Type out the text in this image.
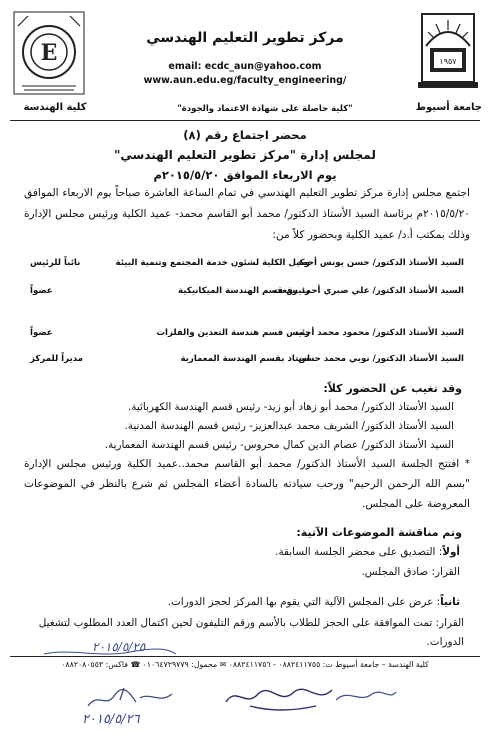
١٩٥٧
E
مركز تطوير التعليم الهندسي
email: ecdc_aun@yahoo.com
www.aun.edu.eg/faculty_engineering/
جامعة أسيوط
كلية الهندسة	"كلية حاصلة على شهادة الاعتماد والجودة"
محضر اجتماع رقم (٨)
لمجلس إدارة "مركز تطوير التعليم الهندسي"
يوم الاربعاء الموافق ٢٠١٥/٥/٢٠م
اجتمع مجلس إدارة مركز تطوير التعليم الهندسي في تمام الساعة العاشرة صباحاً يوم الاربعاء الموافق ٢٠١٥/٥/٢٠م برئاسة السيد الأستاذ الدكتور/ محمد أبو القاسم محمد- عميد الكلية ورئيس مجلس الإدارة وذلك بمكتب أ.د/ عميد الكلية وبحضور كلاً من:
السيد الأستاذ الدكتور/ حسن يونس أحمد
وكيل الكلية لشئون خدمة المجتمع وتنمية البيئة
نائباً للرئيس
السيد الأستاذ الدكتور/ علي صبري أحمد رفعت
رئيس قسم الهندسة الميكانيكية
عضواً
السيد الأستاذ الدكتور/ محمود محمد أحمد
رئيس قسم هندسة التعدين والفلزات
عضواً
السيد الأستاذ الدكتور/ نوبي محمد حسن
استاذ بقسم الهندسة المعمارية
مديراً للمركز
وقد تغيب عن الحضور كلاً:
السيد الأستاذ الدكتور/ محمد أبو زهاد أبو زيد- رئيس قسم الهندسة الكهربائية.
السيد الأستاذ الدكتور/ الشريف محمد عبدالعزيز- رئيس قسم الهندسة المدنية.
السيد الأستاذ الدكتور/ عصام الدين كمال محروس- رئيس قسم الهندسة المعمارية.
* افتتح الجلسة السيد الأستاذ الدكتور/ محمد أبو القاسم محمد..عميد الكلية ورئيس مجلس الإدارة "بسم الله الرحمن الرحيم" ورحب سيادته بالسادة أعضاء المجلس ثم شرع بالنظر في الموضوعات المعروضة على المجلس.
وتم مناقشة الموضوعات الآتية:
أولاً: التصديق على محضر الجلسة السابقة.
القرار: صادق المجلس.
ثانياً: عرض على المجلس الآلية التي يقوم بها المركز لحجز الدورات.
القرار: تمت الموافقة على الحجز للطلاب بالأسم ورقم التليفون لحين اكتمال العدد المطلوب لتشغيل الدورات.
٢٠١٥/٥/٢٥
كلية الهندسة – جامعة أسيوط ت: ٠٨٨٢٤١١٧٥٥ - ٠٨٨٢٤١١٧٥٦ ✉ محمول: ٠١٠٦٤٧٢٩٧٧٩ ☎ فاكس: ٠٨٨٢٠٨٠٥٥٣
٢٠١٥/٥/٢٦
